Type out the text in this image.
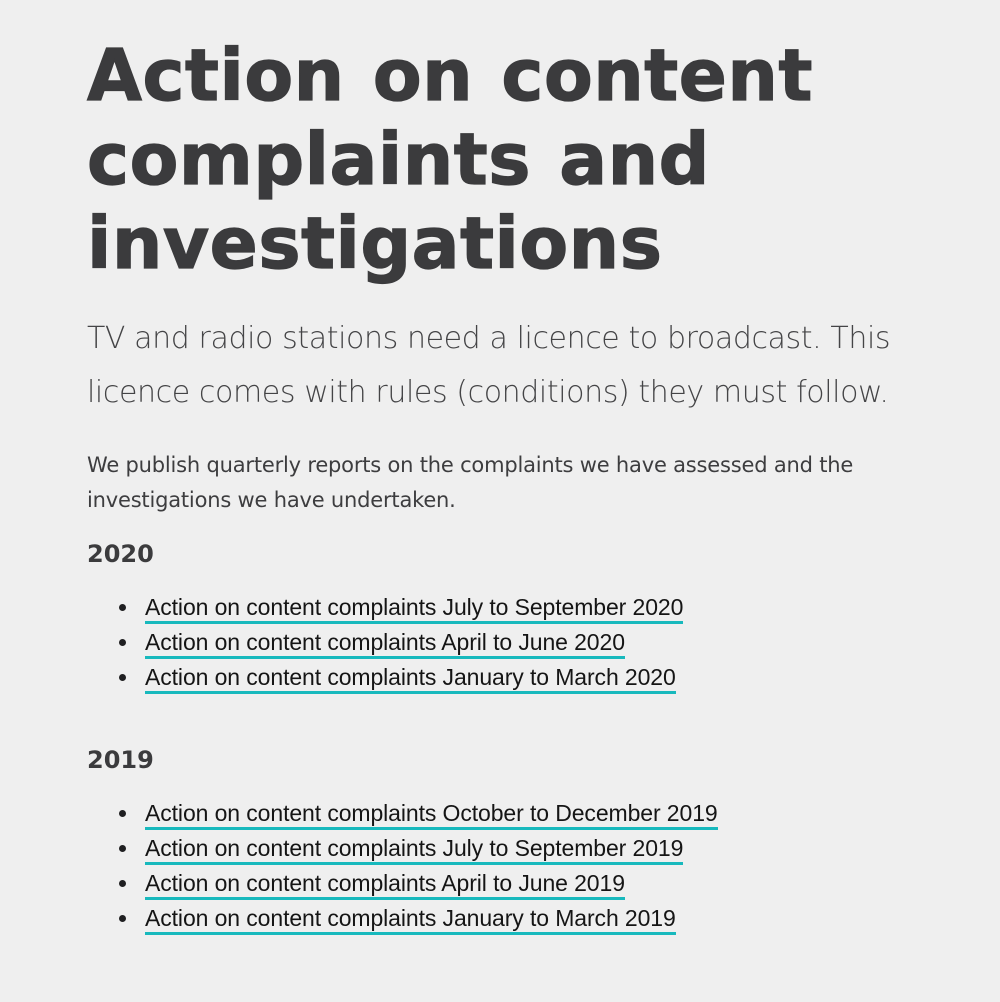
Action on content complaints and investigations

TV and radio stations need a licence to broadcast. This licence comes with rules (conditions) they must follow.

We publish quarterly reports on the complaints we have assessed and the investigations we have undertaken.

2020
Action on content complaints July to September 2020
Action on content complaints April to June 2020
Action on content complaints January to March 2020
2019
Action on content complaints October to December 2019
Action on content complaints July to September 2019
Action on content complaints April to June 2019
Action on content complaints January to March 2019
